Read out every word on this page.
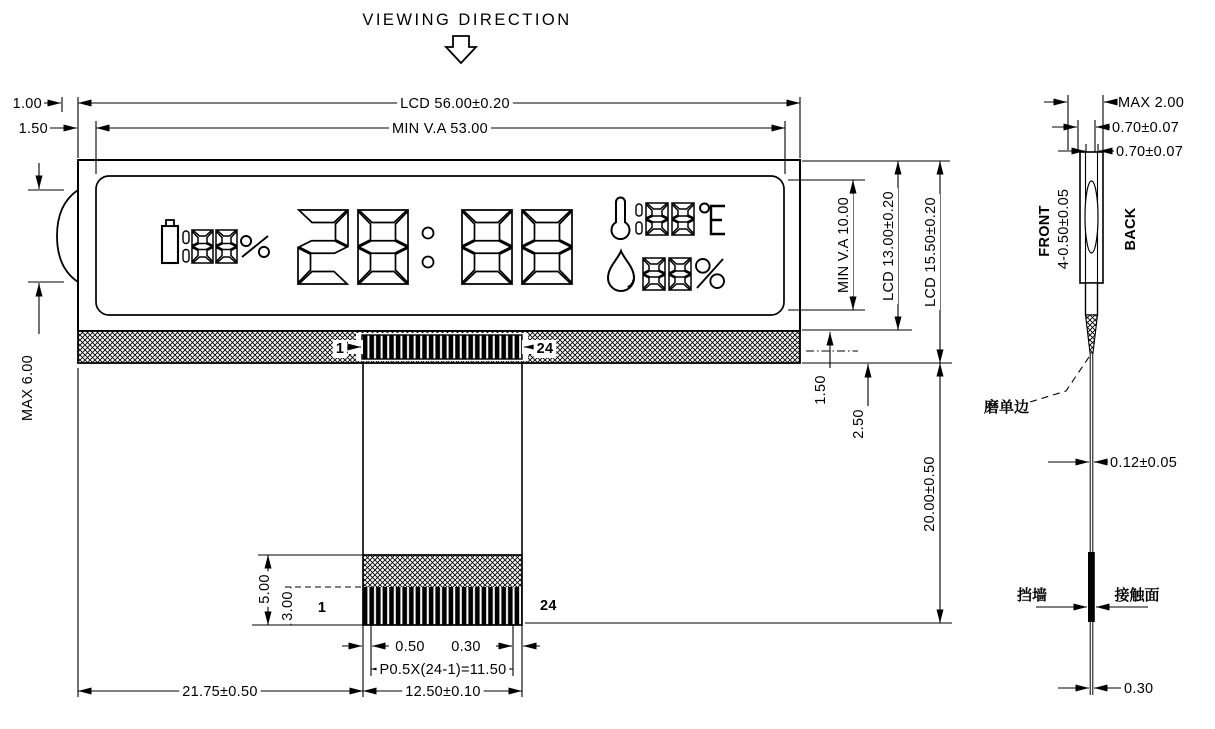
VIEWING DIRECTION
1	24
LCD 56.00±0.20
MIN V.A 53.00
1.00
1.50
MAX 6.00
MIN V.A 10.00 LCD 13.00±0.20 LCD 15.50±0.20
1.50
2.50
20.00±0.50
5.00
3.00 1	24
0.50 0.30
P0.5X(24-1)=11.50
21.75±0.50	12.50±0.10
MAX 2.00
0.70±0.07
0.70±0.07
FRONT 4-0.50±0.05	BACK
磨单边
0.12±0.05
挡墙	接触面
0.30
